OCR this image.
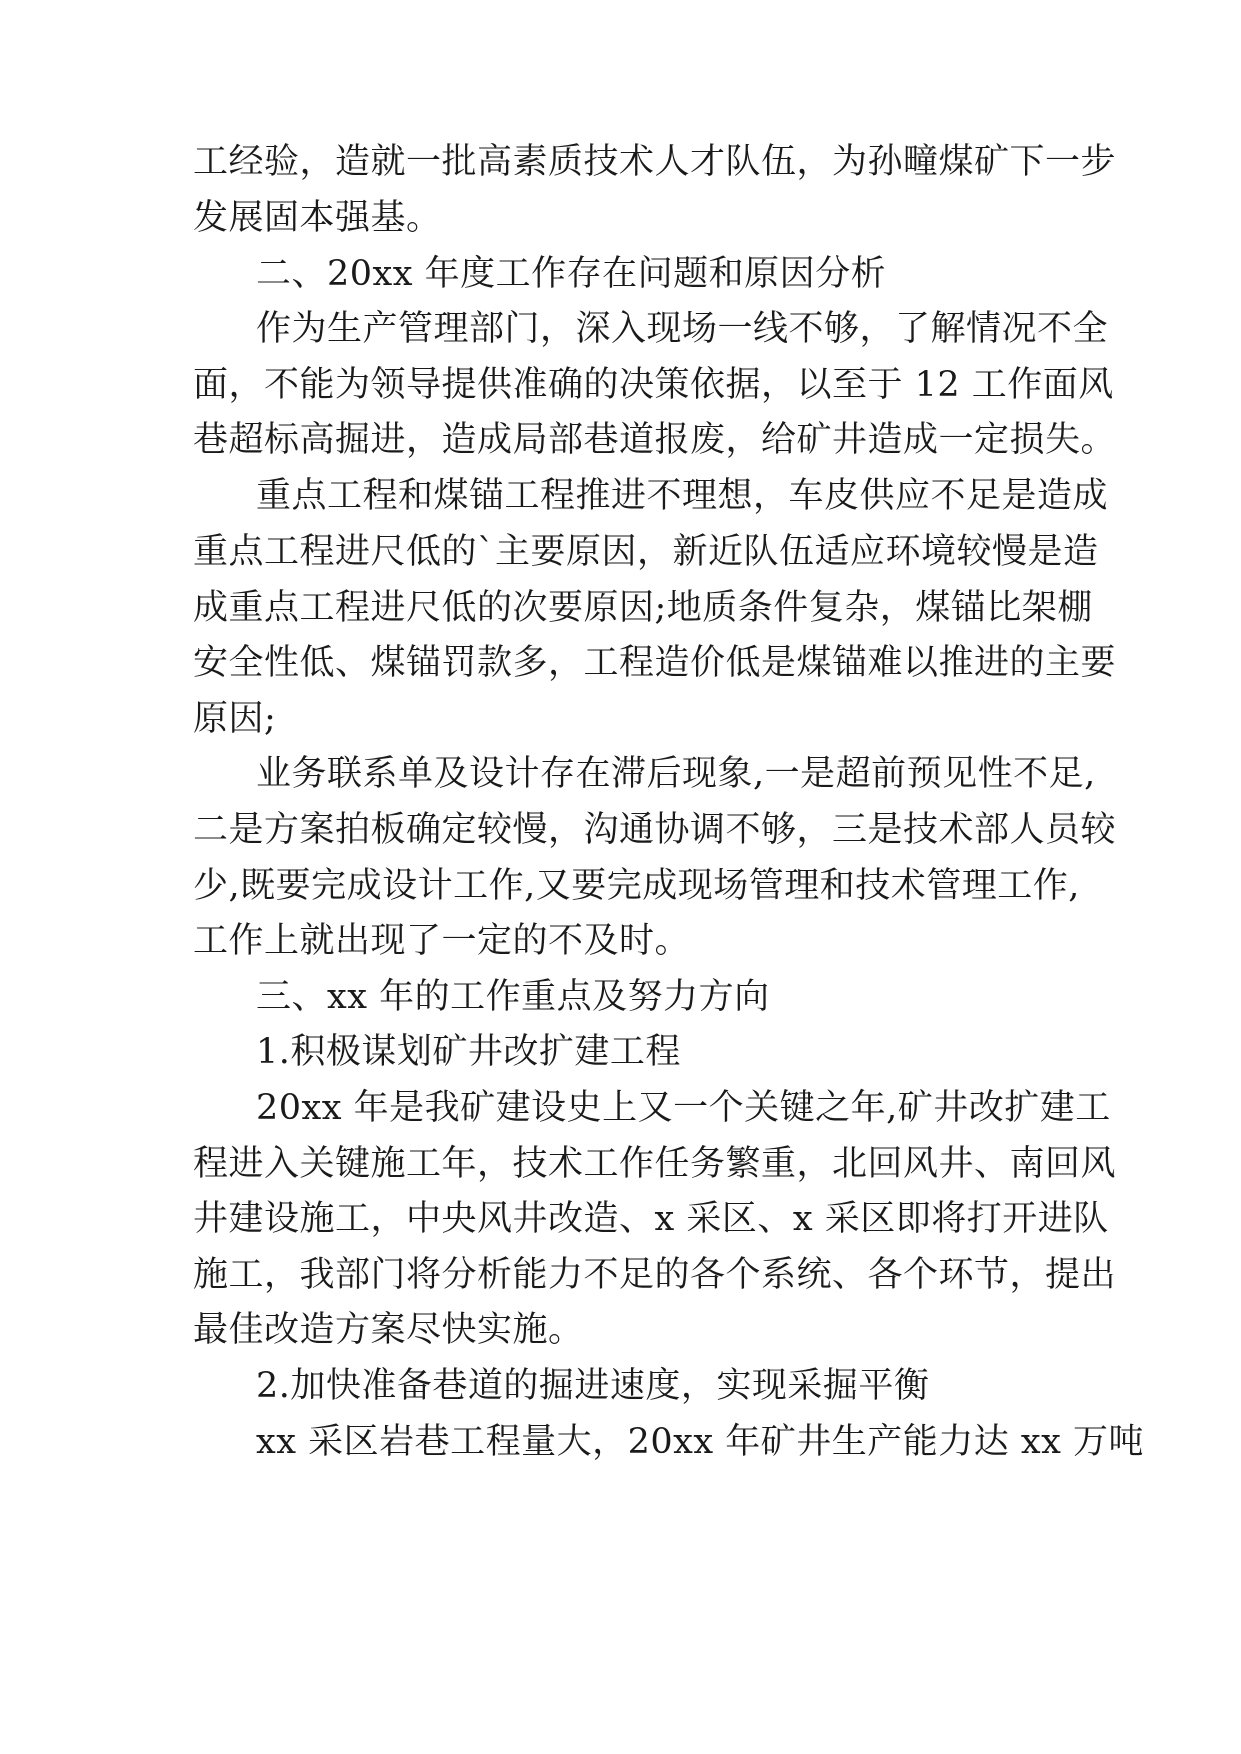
工经验，造就一批高素质技术人才队伍，为孙疃煤矿下一步
发展固本强基。
二、20xx 年度工作存在问题和原因分析
作为生产管理部门，深入现场一线不够，了解情况不全
面，不能为领导提供准确的决策依据，以至于 12 工作面风
巷超标高掘进，造成局部巷道报废，给矿井造成一定损失。
重点工程和煤锚工程推进不理想，车皮供应不足是造成
重点工程进尺低的`主要原因，新近队伍适应环境较慢是造
成重点工程进尺低的次要原因;地质条件复杂，煤锚比架棚
安全性低、煤锚罚款多，工程造价低是煤锚难以推进的主要
原因;
业务联系单及设计存在滞后现象,一是超前预见性不足,
二是方案拍板确定较慢，沟通协调不够，三是技术部人员较
少,既要完成设计工作,又要完成现场管理和技术管理工作,
工作上就出现了一定的不及时。
三、xx 年的工作重点及努力方向
1.积极谋划矿井改扩建工程
20xx 年是我矿建设史上又一个关键之年,矿井改扩建工
程进入关键施工年，技术工作任务繁重，北回风井、南回风
井建设施工，中央风井改造、x 采区、x 采区即将打开进队
施工，我部门将分析能力不足的各个系统、各个环节，提出
最佳改造方案尽快实施。
2.加快准备巷道的掘进速度，实现采掘平衡
xx 采区岩巷工程量大，20xx 年矿井生产能力达 xx 万吨
